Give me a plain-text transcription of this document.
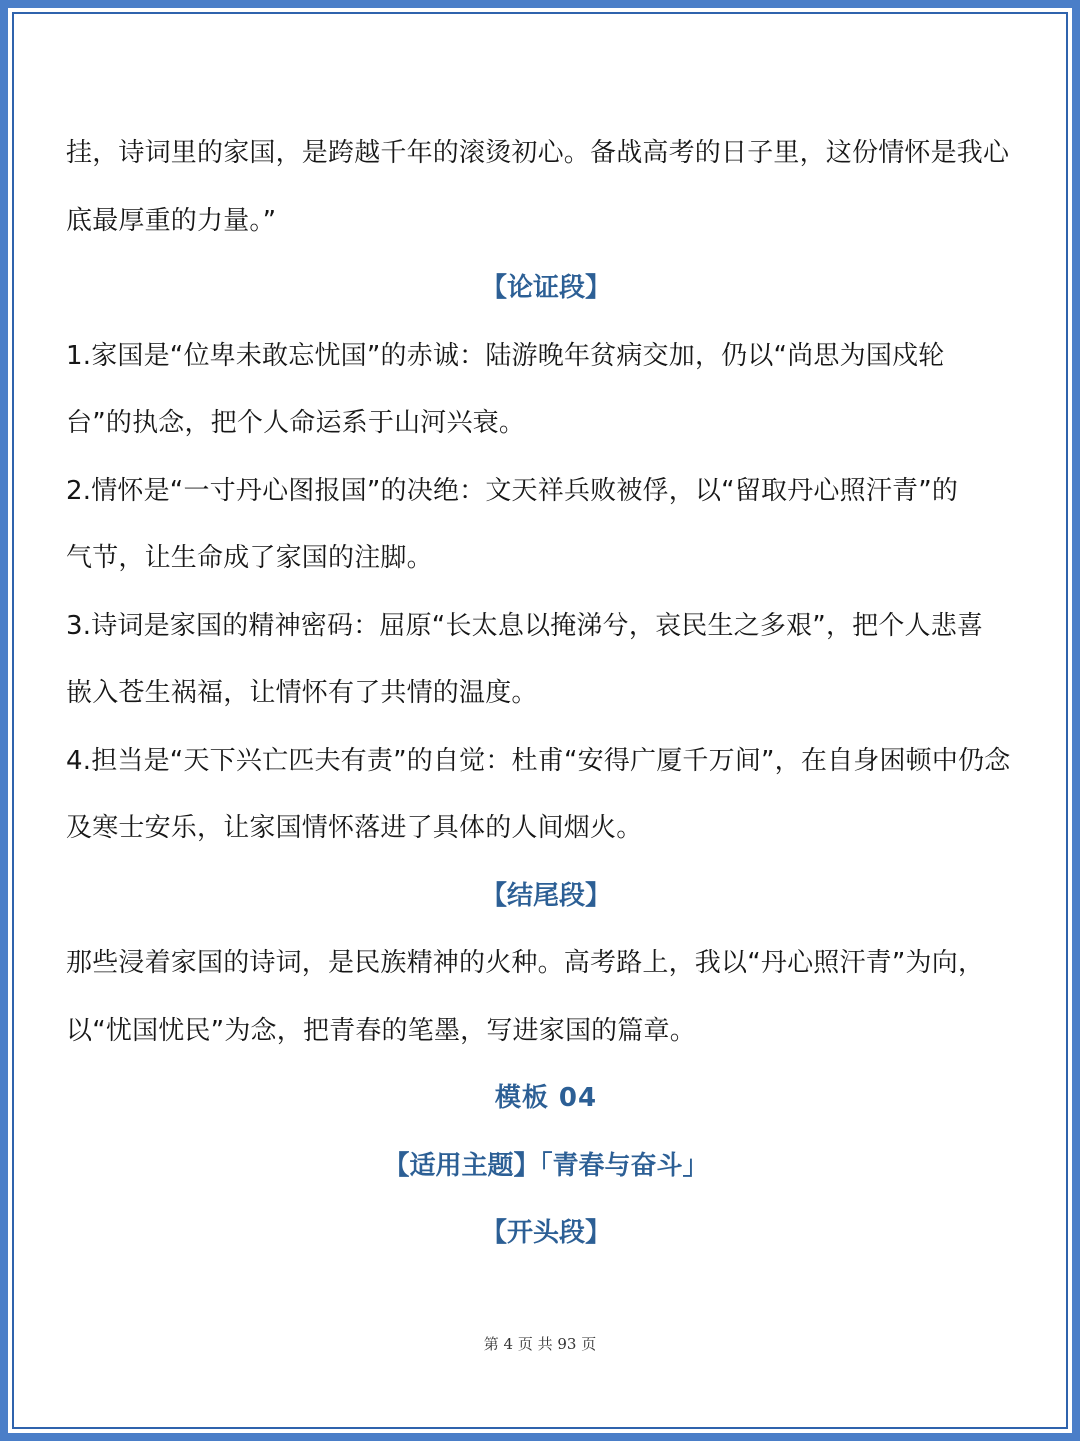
挂，诗词里的家国，是跨越千年的滚烫初心。备战高考的日子里，这份情怀是我心

底最厚重的力量。”

【论证段】

1.家国是“位卑未敢忘忧国”的赤诚：陆游晚年贫病交加，仍以“尚思为国戍轮

台”的执念，把个人命运系于山河兴衰。

2.情怀是“一寸丹心图报国”的决绝：文天祥兵败被俘，以“留取丹心照汗青”的

气节，让生命成了家国的注脚。

3.诗词是家国的精神密码：屈原“长太息以掩涕兮，哀民生之多艰”，把个人悲喜

嵌入苍生祸福，让情怀有了共情的温度。

4.担当是“天下兴亡匹夫有责”的自觉：杜甫“安得广厦千万间”，在自身困顿中仍念

及寒士安乐，让家国情怀落进了具体的人间烟火。

【结尾段】

那些浸着家国的诗词，是民族精神的火种。高考路上，我以“丹心照汗青”为向，

以“忧国忧民”为念，把青春的笔墨，写进家国的篇章。

模板 04

【适用主题】「青春与奋斗」

【开头段】

第 4 页 共 93 页
